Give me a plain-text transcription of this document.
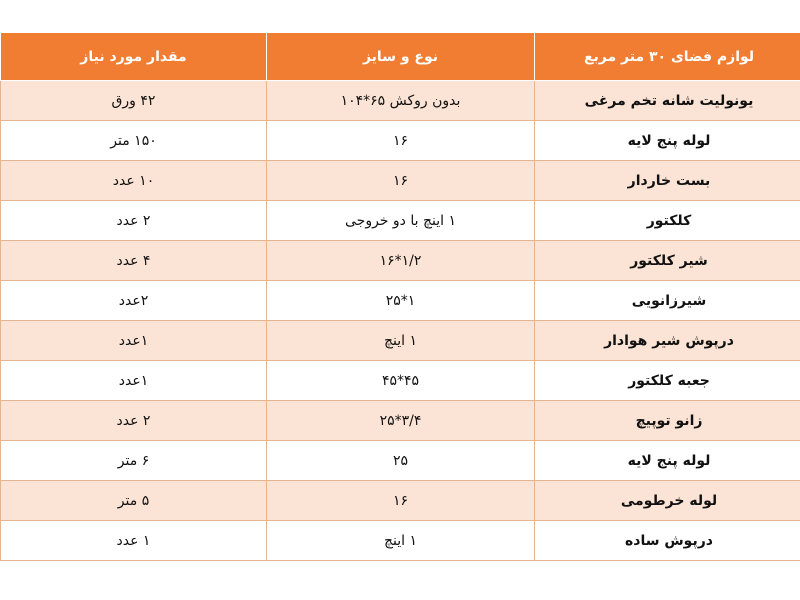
لوازم فضای ۳۰ متر مربع	نوع و سایز	مقدار مورد نیاز
یونولیت شانه تخم مرغی	بدون روکش ۶۵*۱۰۴	۴۲ ورق
لوله پنج لایه	۱۶	۱۵۰ متر
بست خاردار	۱۶	۱۰ عدد
کلکتور	۱ اینچ با دو خروجی	۲ عدد
شیر کلکتور	۱/۲*۱۶	۴ عدد
شیرزانویی	۱*۲۵	۲عدد
درپوش شیر هوادار	۱ اینچ	۱عدد
جعبه کلکتور	۴۵*۴۵	۱عدد
زانو توپیچ	۳/۴*۲۵	۲ عدد
لوله پنج لایه	۲۵	۶ متر
لوله خرطومی	۱۶	۵ متر
درپوش ساده	۱ اینچ	۱ عدد
